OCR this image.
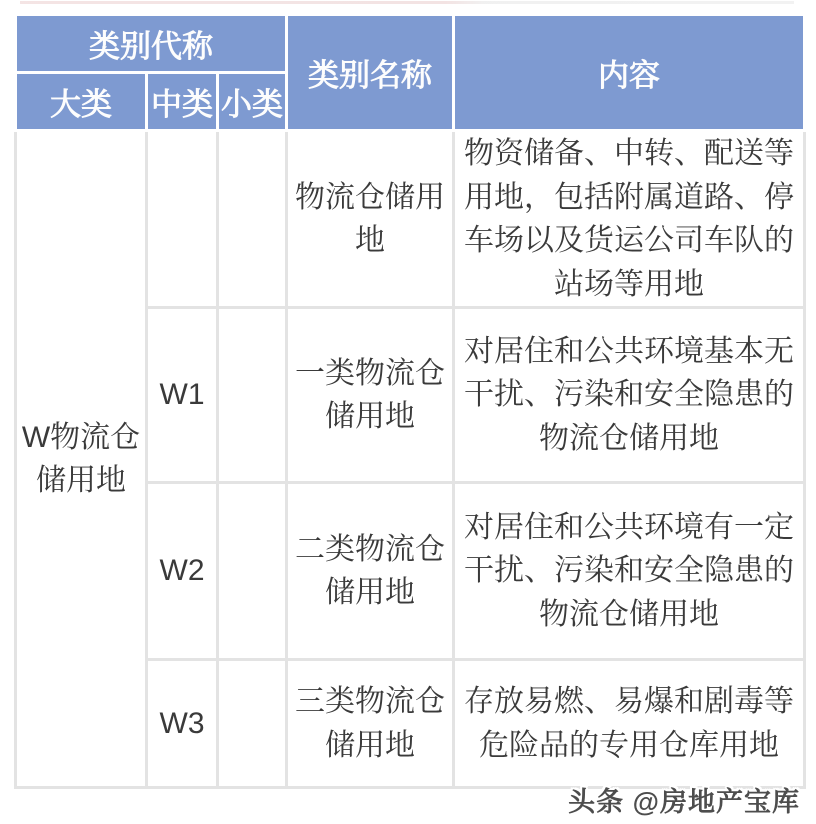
类别代称			类别名称	内容
大类	中类	小类		
W物流仓储用地			物流仓储用地	物资储备、中转、配送等用地，包括附属道路、停车场以及货运公司车队的站场等用地
	W1		一类物流仓储用地	对居住和公共环境基本无干扰、污染和安全隐患的物流仓储用地
	W2		二类物流仓储用地	对居住和公共环境有一定干扰、污染和安全隐患的物流仓储用地
	W3		三类物流仓储用地	存放易燃、易爆和剧毒等危险品的专用仓库用地
头条 @房地产宝库
